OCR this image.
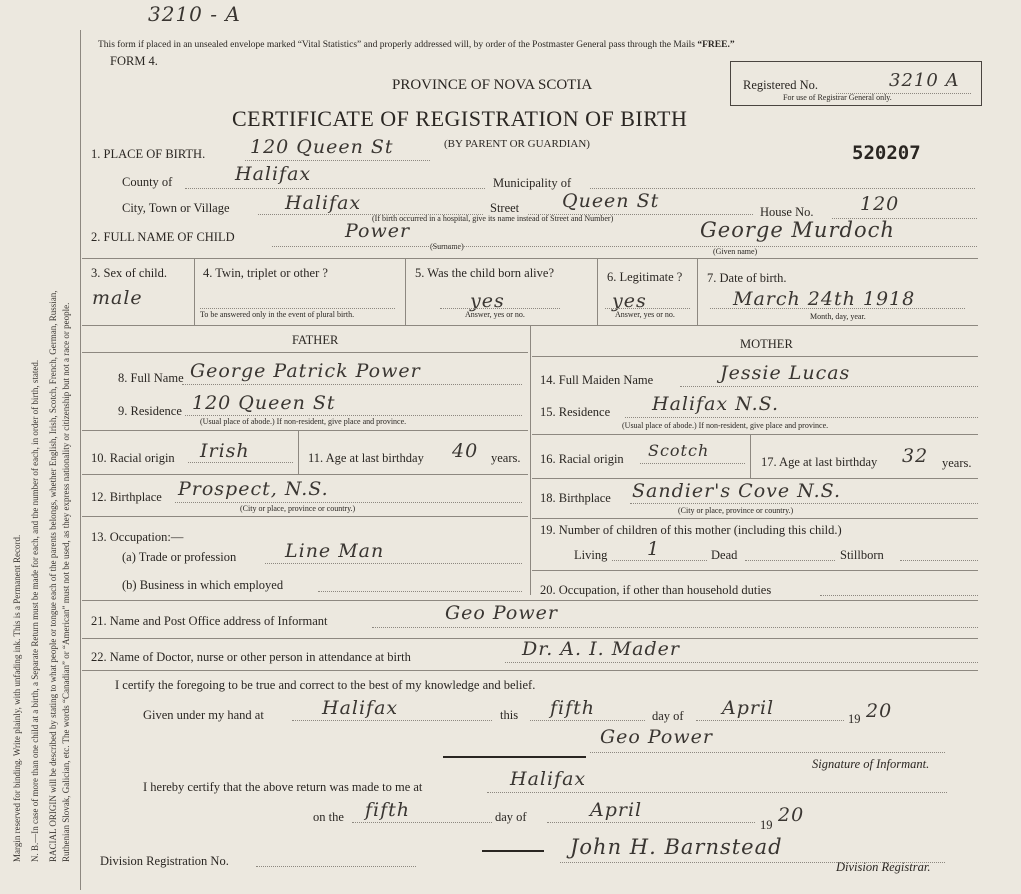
3210 - A
Margin reserved for binding. Write plainly, with unfading ink. This is a Permanent Record. N. B.—In case of more than one child at a birth, a Separate Return must be made for each, and the number of each, in order of birth, stated. RACIAL ORIGIN will be described by stating to what people or tongue each of the parents belongs, whether English, Irish, Scotch, French, German, Russian, Ruthenian Slovak, Galician, etc. The words “Canadian” or “American” must not be used, as they express nationality or citizenship but not a race or people.
This form if placed in an unsealed envelope marked “Vital Statistics” and properly addressed will, by order of the Postmaster General pass through the Mails “FREE.”
FORM 4.
PROVINCE OF NOVA SCOTIA
CERTIFICATE OF REGISTRATION OF BIRTH
(BY PARENT OR GUARDIAN)
Registered No.	3210 A
For use of Registrar General only.
520207
1. PLACE OF BIRTH. 120 Queen St
County of	Halifax	Municipality of
City, Town or Village	Halifax	Street Queen St	House No. 120
(If birth occurred in a hospital, give its name instead of Street and Number)
2. FULL NAME OF CHILD	Power
(Surname)
George Murdoch
(Given name)
3. Sex of child.
male
4. Twin, triplet or other ?
To be answered only in the event of plural birth.
5. Was the child born alive?
yes
Answer, yes or no.
6. Legitimate ?
yes
Answer, yes or no.
7. Date of birth.
March 24th 1918
Month, day, year.
FATHER	MOTHER
8. Full Name George Patrick Power
9. Residence 120 Queen St
(Usual place of abode.) If non-resident, give place and province.
10. Racial origin Irish	11. Age at last birthday 40 years.
12. Birthplace Prospect, N.S.
(City or place, province or country.)
13. Occupation:—
(a) Trade or profession	Line Man
(b) Business in which employed
14. Full Maiden Name	Jessie Lucas
15. Residence Halifax N.S.
(Usual place of abode.) If non-resident, give place and province.
16. Racial origin Scotch
17. Age at last birthday 32 years.
18. Birthplace Sandier's Cove N.S.
(City or place, province or country.)
19. Number of children of this mother (including this child.)
Living 1	Dead	Stillborn
20. Occupation, if other than household duties
21. Name and Post Office address of Informant	Geo Power
22. Name of Doctor, nurse or other person in attendance at birth	Dr. A. I. Mader
I certify the foregoing to be true and correct to the best of my knowledge and belief.
Given under my hand at	Halifax	this fifth	day of April	19 20
Geo Power
Signature of Informant.
I hereby certify that the above return was made to me at	Halifax
on the fifth	day of	April
19 20
Division Registration No.
John H. Barnstead
Division Registrar.
